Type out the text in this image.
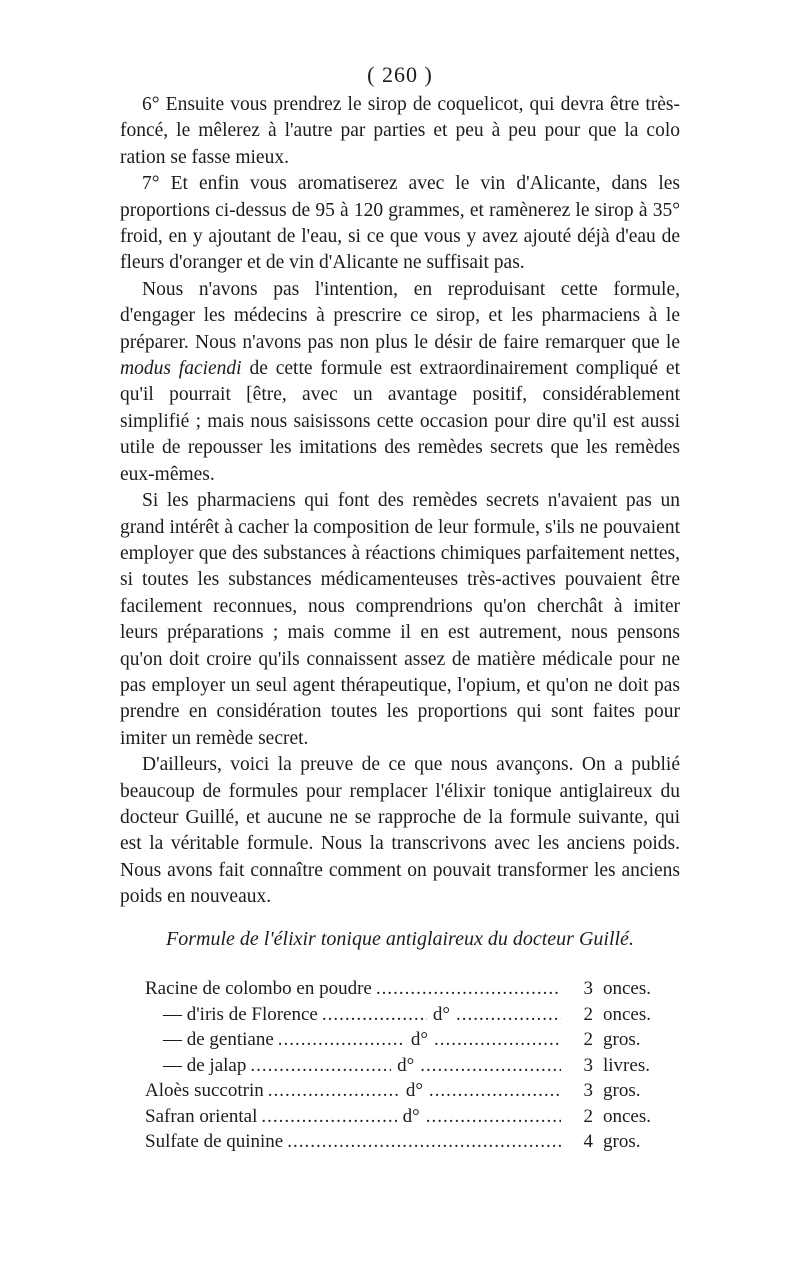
( 260 )

6° Ensuite vous prendrez le sirop de coquelicot, qui devra être très-foncé, le mêlerez à l'autre par parties et peu à peu pour que la colo ration se fasse mieux.

7° Et enfin vous aromatiserez avec le vin d'Alicante, dans les proportions ci-dessus de 95 à 120 grammes, et ramènerez le sirop à 35° froid, en y ajoutant de l'eau, si ce que vous y avez ajouté déjà d'eau de fleurs d'oranger et de vin d'Alicante ne suffisait pas.

Nous n'avons pas l'intention, en reproduisant cette formule, d'engager les médecins à prescrire ce sirop, et les pharmaciens à le préparer. Nous n'avons pas non plus le désir de faire remarquer que le modus faciendi de cette formule est extraordinairement compliqué et qu'il pourrait [être, avec un avantage positif, considérablement simplifié ; mais nous saisissons cette occasion pour dire qu'il est aussi utile de repousser les imitations des remèdes secrets que les remèdes eux-mêmes.

Si les pharmaciens qui font des remèdes secrets n'avaient pas un grand intérêt à cacher la composition de leur formule, s'ils ne pouvaient employer que des substances à réactions chimiques parfaitement nettes, si toutes les substances médicamenteuses très-actives pouvaient être facilement reconnues, nous comprendrions qu'on cherchât à imiter leurs préparations ; mais comme il en est autrement, nous pensons qu'on doit croire qu'ils connaissent assez de matière médicale pour ne pas employer un seul agent thérapeutique, l'opium, et qu'on ne doit pas prendre en considération toutes les proportions qui sont faites pour imiter un remède secret.

D'ailleurs, voici la preuve de ce que nous avançons. On a publié beaucoup de formules pour remplacer l'élixir tonique antiglaireux du docteur Guillé, et aucune ne se rapproche de la formule suivante, qui est la véritable formule. Nous la transcrivons avec les anciens poids. Nous avons fait connaître comment on pouvait transformer les anciens poids en nouveaux.

Formule de l'élixir tonique antiglaireux du docteur Guillé.
Racine de colombo en poudre .....	3 onces.
— d'iris de Florence .....	d° .....	2 onces.
— de gentiane .....	d° .....	2 gros.
— de jalap .....	d° .....	3 livres.
Aloès succotrin .....	d° .....	3 gros.
Safran oriental .....	d° .....	2 onces.
Sulfate de quinine .....	4 gros.
